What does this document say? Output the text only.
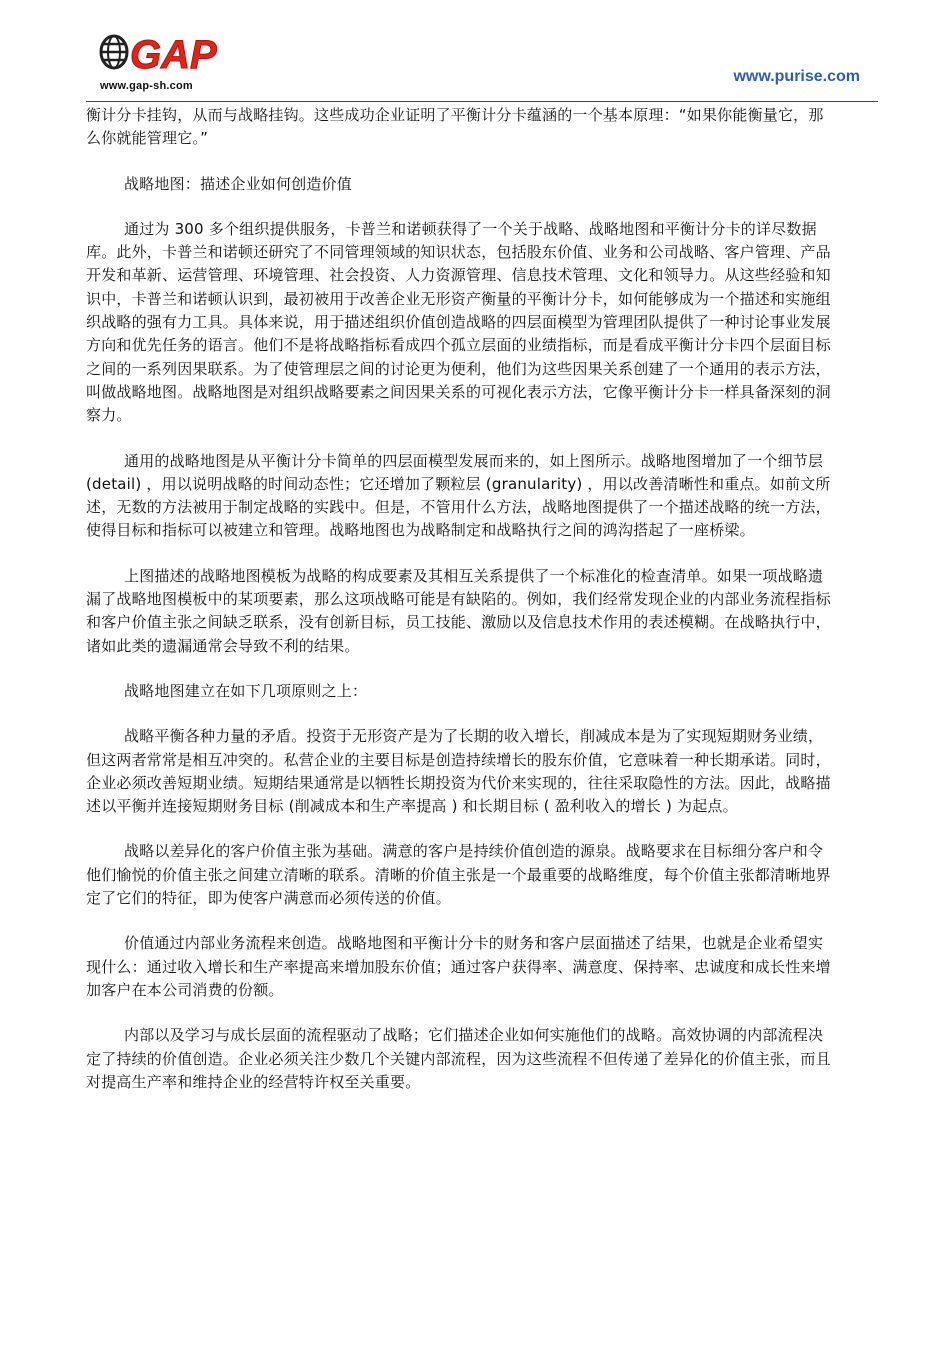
GAP
www.gap-sh.com
www.purise.com

衡计分卡挂钩，从而与战略挂钩。这些成功企业证明了平衡计分卡蕴涵的一个基本原理：“如果你能衡量它，那么你就能管理它。”

战略地图：描述企业如何创造价值

通过为 300 多个组织提供服务，卡普兰和诺顿获得了一个关于战略、战略地图和平衡计分卡的详尽数据库。此外，卡普兰和诺顿还研究了不同管理领域的知识状态，包括股东价值、业务和公司战略、客户管理、产品开发和革新、运营管理、环境管理、社会投资、人力资源管理、信息技术管理、文化和领导力。从这些经验和知识中，卡普兰和诺顿认识到，最初被用于改善企业无形资产衡量的平衡计分卡，如何能够成为一个描述和实施组织战略的强有力工具。具体来说，用于描述组织价值创造战略的四层面模型为管理团队提供了一种讨论事业发展方向和优先任务的语言。他们不是将战略指标看成四个孤立层面的业绩指标，而是看成平衡计分卡四个层面目标之间的一系列因果联系。为了使管理层之间的讨论更为便利，他们为这些因果关系创建了一个通用的表示方法，叫做战略地图。战略地图是对组织战略要素之间因果关系的可视化表示方法，它像平衡计分卡一样具备深刻的洞察力。

通用的战略地图是从平衡计分卡简单的四层面模型发展而来的，如上图所示。战略地图增加了一个细节层 (detail) ，用以说明战略的时间动态性；它还增加了颗粒层 (granularity) ，用以改善清晰性和重点。如前文所述，无数的方法被用于制定战略的实践中。但是，不管用什么方法，战略地图提供了一个描述战略的统一方法，使得目标和指标可以被建立和管理。战略地图也为战略制定和战略执行之间的鸿沟搭起了一座桥梁。

上图描述的战略地图模板为战略的构成要素及其相互关系提供了一个标准化的检查清单。如果一项战略遗漏了战略地图模板中的某项要素，那么这项战略可能是有缺陷的。例如，我们经常发现企业的内部业务流程指标和客户价值主张之间缺乏联系，没有创新目标，员工技能、激励以及信息技术作用的表述模糊。在战略执行中，诸如此类的遗漏通常会导致不利的结果。

战略地图建立在如下几项原则之上：

战略平衡各种力量的矛盾。投资于无形资产是为了长期的收入增长，削减成本是为了实现短期财务业绩，但这两者常常是相互冲突的。私营企业的主要目标是创造持续增长的股东价值，它意味着一种长期承诺。同时，企业必须改善短期业绩。短期结果通常是以牺牲长期投资为代价来实现的，往往采取隐性的方法。因此，战略描述以平衡并连接短期财务目标 (削减成本和生产率提高 ) 和长期目标 ( 盈利收入的增长 ) 为起点。

战略以差异化的客户价值主张为基础。满意的客户是持续价值创造的源泉。战略要求在目标细分客户和令他们愉悦的价值主张之间建立清晰的联系。清晰的价值主张是一个最重要的战略维度，每个价值主张都清晰地界定了它们的特征，即为使客户满意而必须传送的价值。

价值通过内部业务流程来创造。战略地图和平衡计分卡的财务和客户层面描述了结果，也就是企业希望实现什么：通过收入增长和生产率提高来增加股东价值；通过客户获得率、满意度、保持率、忠诚度和成长性来增加客户在本公司消费的份额。

内部以及学习与成长层面的流程驱动了战略；它们描述企业如何实施他们的战略。高效协调的内部流程决定了持续的价值创造。企业必须关注少数几个关键内部流程，因为这些流程不但传递了差异化的价值主张，而且对提高生产率和维持企业的经营特许权至关重要。
